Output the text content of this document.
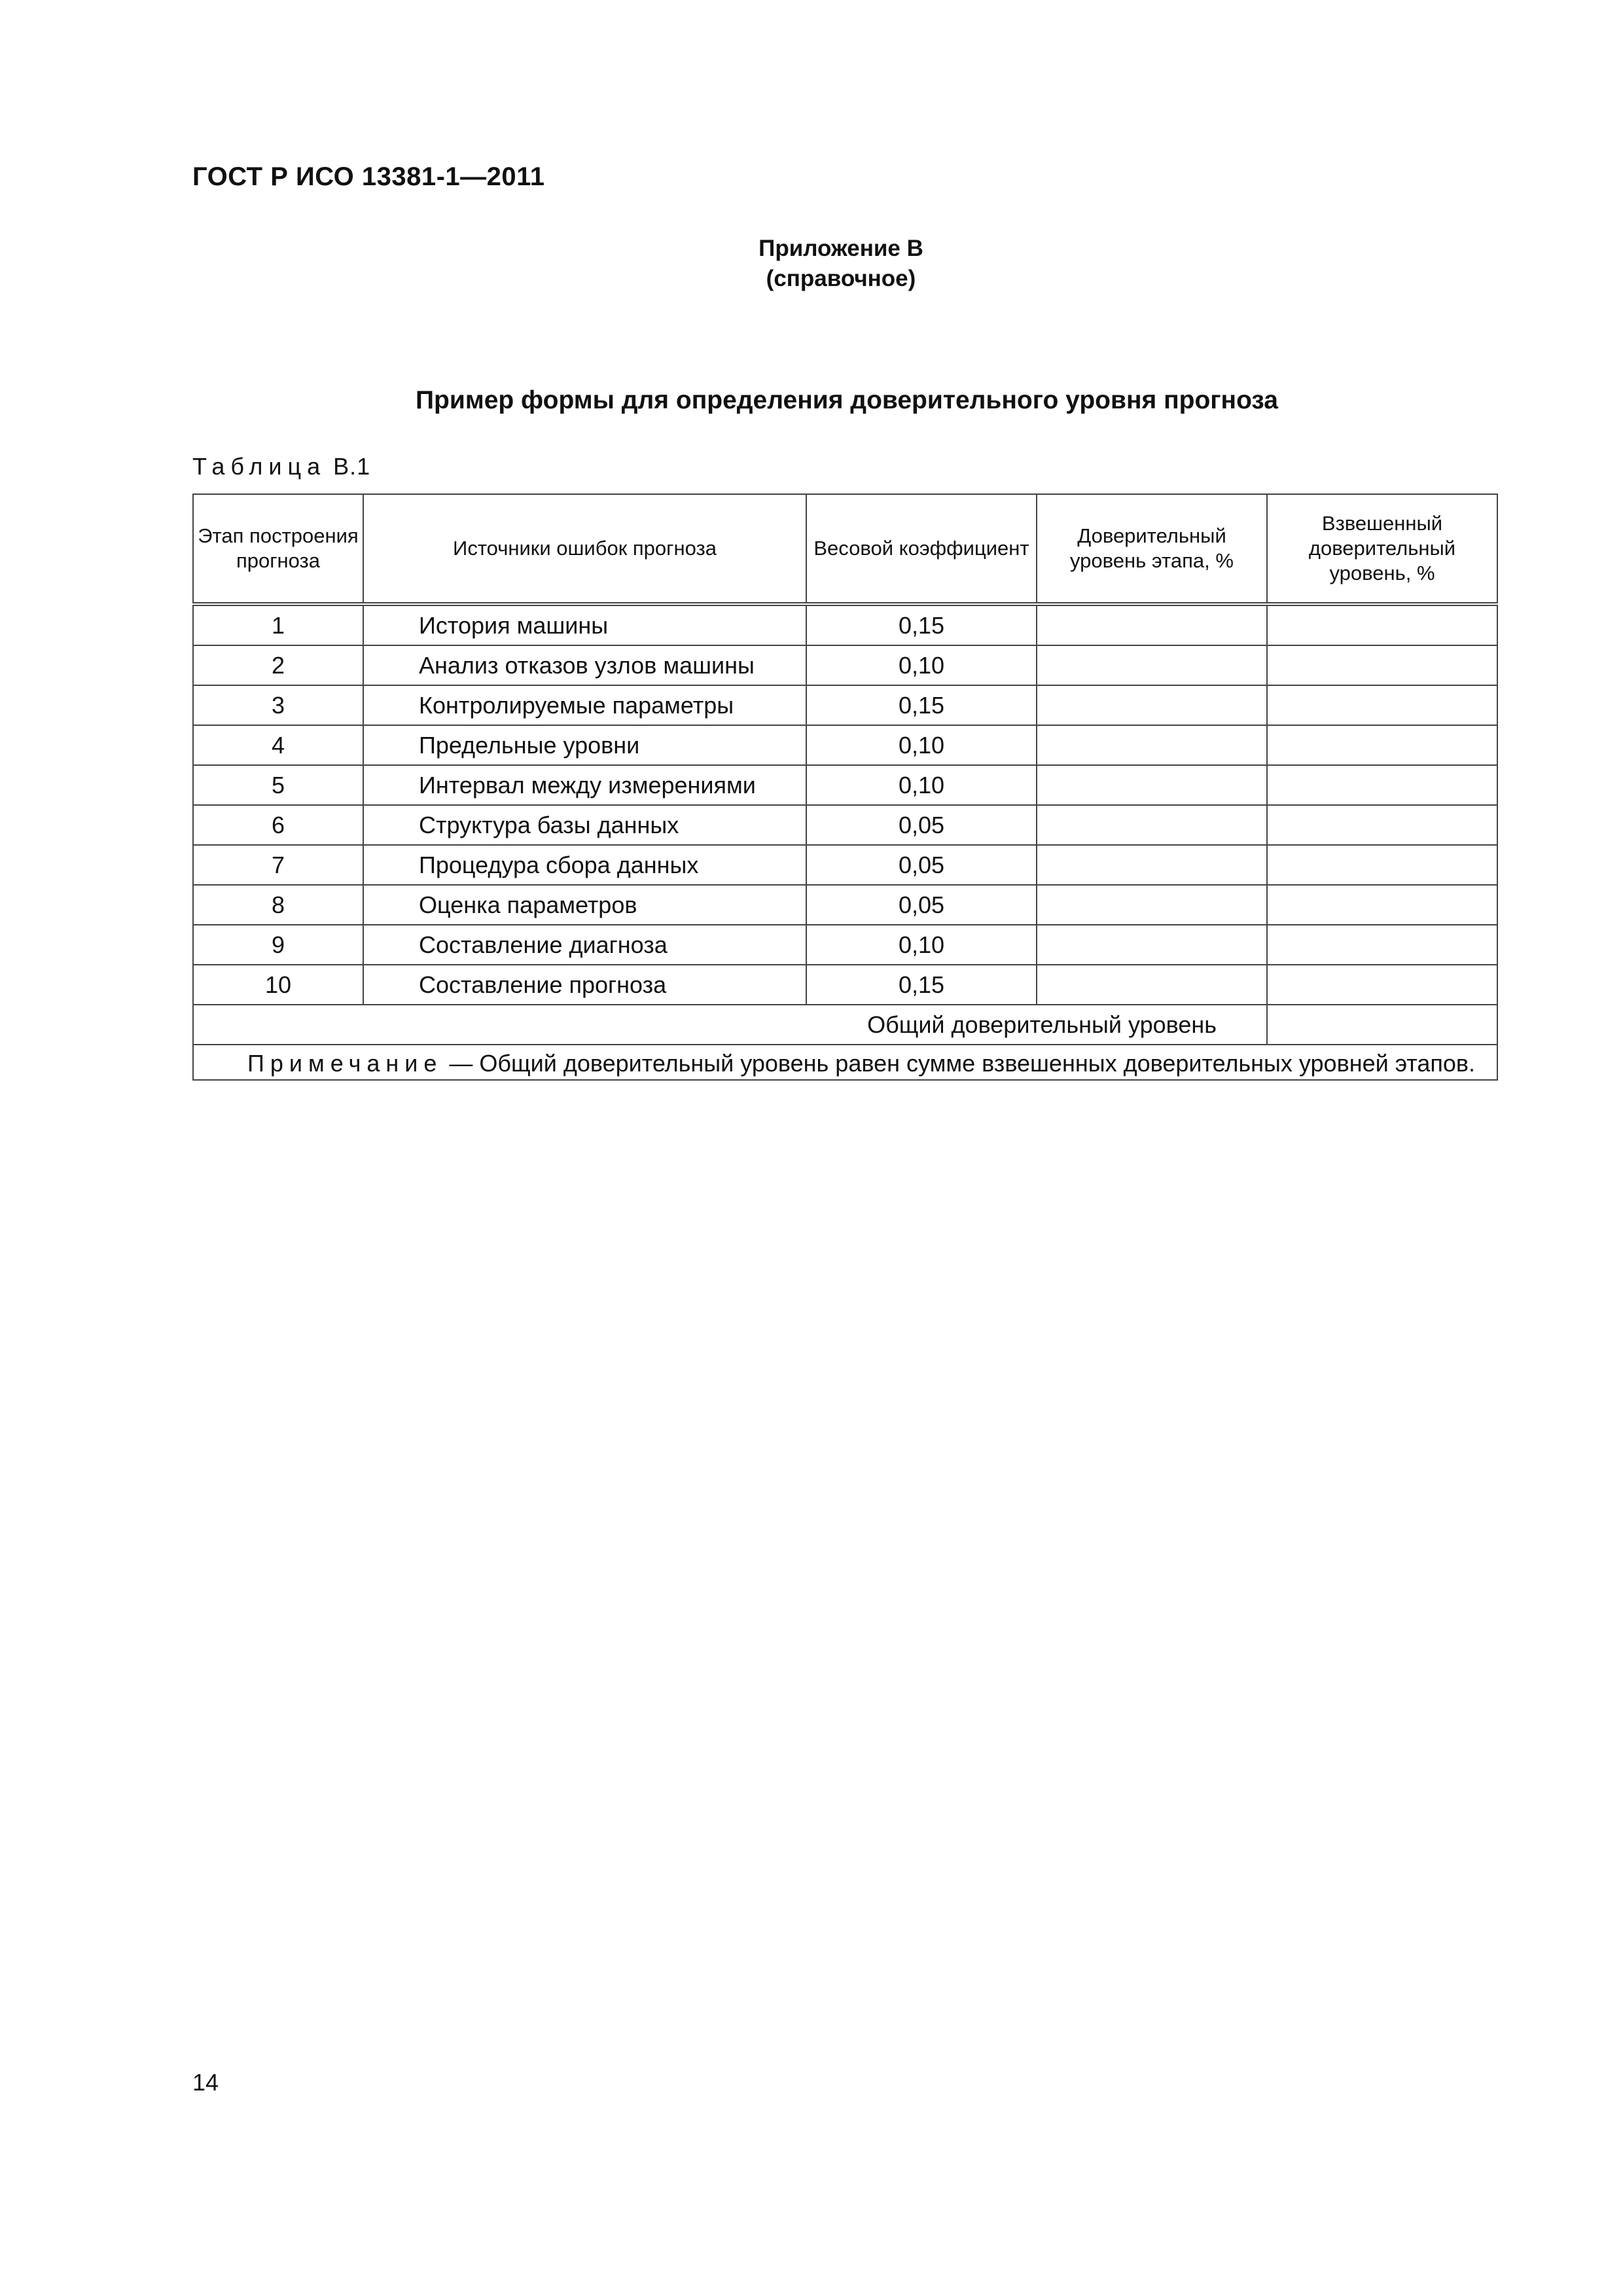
ГОСТ Р ИСО 13381-1—2011
Приложение В
(справочное)
Пример формы для определения доверительного уровня прогноза
Таблица В.1
Этап построения прогноза	Источники ошибок прогноза	Весовой коэффициент	Доверительный уровень этапа, %	Взвешенный доверительный уровень, %
1	История машины	0,15		
2	Анализ отказов узлов машины	0,10		
3	Контролируемые параметры	0,15		
4	Предельные уровни	0,10		
5	Интервал между измерениями	0,10		
6	Структура базы данных	0,05		
7	Процедура сбора данных	0,05		
8	Оценка параметров	0,05		
9	Составление диагноза	0,10		
10	Составление прогноза	0,15		
Общий доверительный уровень				
Примечание — Общий доверительный уровень равен сумме взвешенных доверительных уровней этапов.				
14
